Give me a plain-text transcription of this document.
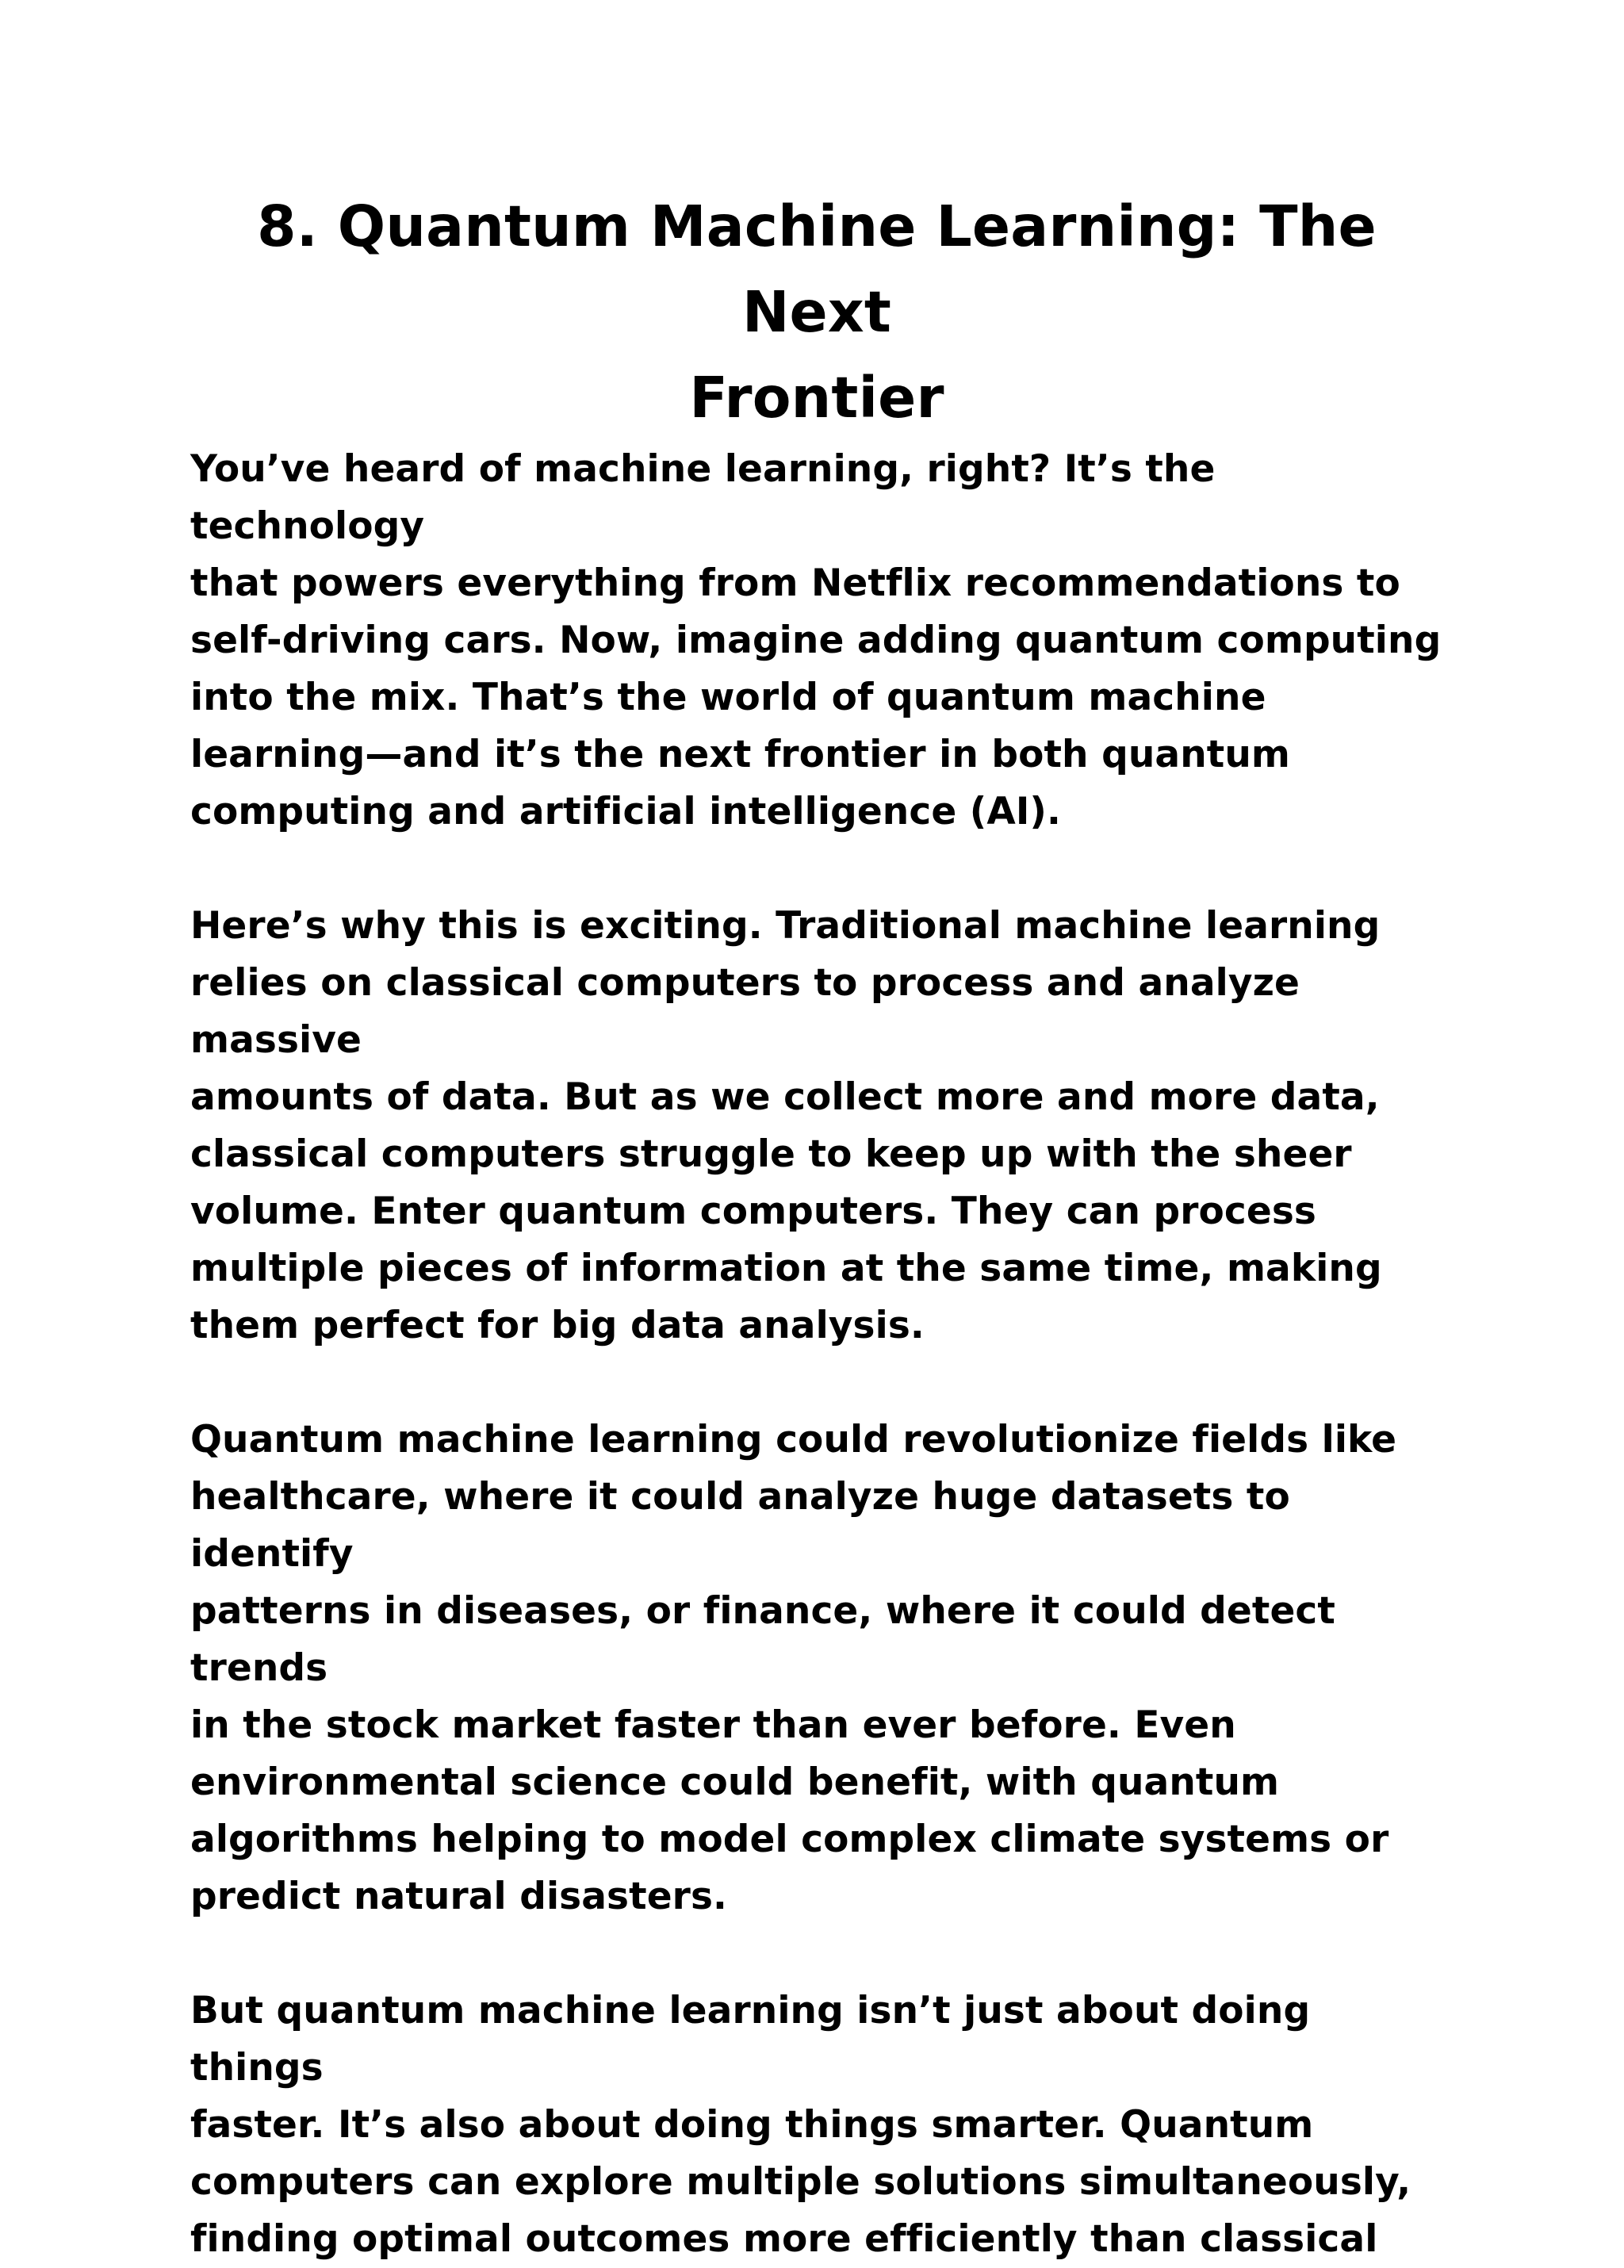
8. Quantum Machine Learning: The Next
Frontier

You’ve heard of machine learning, right? It’s the technology
that powers everything from Netflix recommendations to
self-driving cars. Now, imagine adding quantum computing
into the mix. That’s the world of quantum machine
learning—and it’s the next frontier in both quantum
computing and artificial intelligence (AI).

Here’s why this is exciting. Traditional machine learning
relies on classical computers to process and analyze massive
amounts of data. But as we collect more and more data,
classical computers struggle to keep up with the sheer
volume. Enter quantum computers. They can process
multiple pieces of information at the same time, making
them perfect for big data analysis.

Quantum machine learning could revolutionize fields like
healthcare, where it could analyze huge datasets to identify
patterns in diseases, or finance, where it could detect trends
in the stock market faster than ever before. Even
environmental science could benefit, with quantum
algorithms helping to model complex climate systems or
predict natural disasters.

But quantum machine learning isn’t just about doing things
faster. It’s also about doing things smarter. Quantum
computers can explore multiple solutions simultaneously,
finding optimal outcomes more efficiently than classical
